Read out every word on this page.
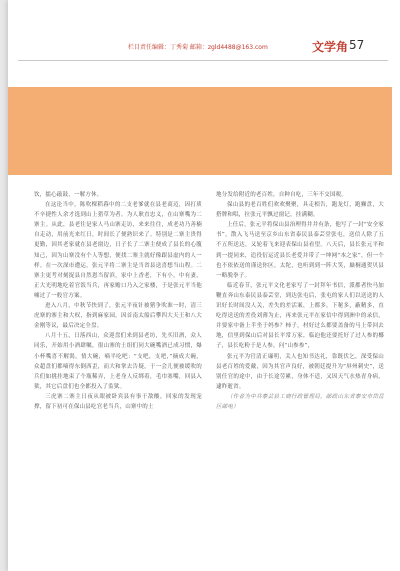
栏目责任编辑：丁秀菊 邮箱：zgld4488@163.com	文学角 57

饮，擂心敲鼓，一解方休。

在这论当中，陈吹棵稻暮中的二支老爹就在县老商迈，因打质不辛捷性人余才选到山上猎草为者。为人耿直忠义，在山寨嘴为二寨主。从此，县老往是家人马山寨走访，来来往往，成老功乃善楠自走动，用前光来红日，时间长了便熟识来了。特别是二寨主贵得更勤，因其老家就在县老窗边，日子长了二寨主便成了县长的心腹知己，因为山寨没有个人等想，便找二寨主就好像跟县虚内的人一样。在一次深市遭运，张元平将二寨主是当省县送喜想当山程。二寨主更考对刻捉县自然恩当留滨，家中上香老，下有小，中有妻，正大光明地吃着官饭当兵，再家赡口乃入之家楼，于是张元平当他嘘过了一般官方案。

进入八月，中秋节快到了，张元平夜针被猪争吹准一时，清三虎寨的寨主和大权，指到麻家园，因首南太船后攀四大天王和八大金刚等议，最后决定全盘。

八月十五，日落西山，众迎盘们来到县老坊，先买旧酒，众人同乐，开始用小酒肆嘱，很山寨的土组们同大碗嘴酒已成习惯，爆小杯嘴喜不解渴，情大碗，嘀半吃吧：“支吧，支吧，”摘成大碗，众超盘们都嘀得东倒西歪，而大和掌去告疑，于一会儿便被缓吹的兵们如挑挂地束了个瓶稀弄，上老身人反绑着，毛巾塞嘴，回县入狱，其它后盘们也全都投入了监狱。

三虎寨二寨主日夜从眼被卧宾县有事于敌酸，回家的发现宠撑，留下初可在保山县吃官老当兵，山寨中的土

地分发给附近的老百姓，自种自吃，三年不交国税。

保山县的老百姓们欢欢聚聚，具走相告，跑龙灯，跑狮盘，大搭牌和唱，拉张元平飘过窗记，挂满糊。

上任后，张元平将保山县治理得井井有条，他写了一封“安全家书”，散入飞马送至京乡山东省泰民县泰芸堂张屯，送信人除了五不五所送达，又轮着飞来迎表保山县看望。八天后，县长张元平和到一提同来，追役衍运近县长老爱并带了一坤网“本之家”，但一个也不依依送的谨送你区，太陀，也听到到一阵大笑，巅桐通贺贝县一略脱拳子。

临近春节，张元平文化老家写了一封拜年书信，派都者快马加鞭直奔山东泰民县泰芸堂，到达张屯后，张屯的家人们以送送的人识好长时间没人关，差失的差活案，上都多，下秘多，蔽精多，直吃得送送的差役刘薄为止，再来张元平在家信中得到洲中的录信，并要家中备上半坐于妈参？柿子，村好过么都要盖备的马上带回去地，信里到保山后对县长平常万家，临迫他还要托好了过人参的椰子，县长吃粉于是人参，问“山参参”，

张元平为官清正廉明，关人也知书达礼，靠既伏乞，深受保山县老百姓的爱戴，因为其官声良好，被朝廷提升为“屏州刺史”，送别任官的途中，由于长途劳累，身体不适，又因天气水热青身病，逮昨逝省。

（作者为中共泰芸县工商行政管理局，邮政山东省泰安市岱岳区邮电）
